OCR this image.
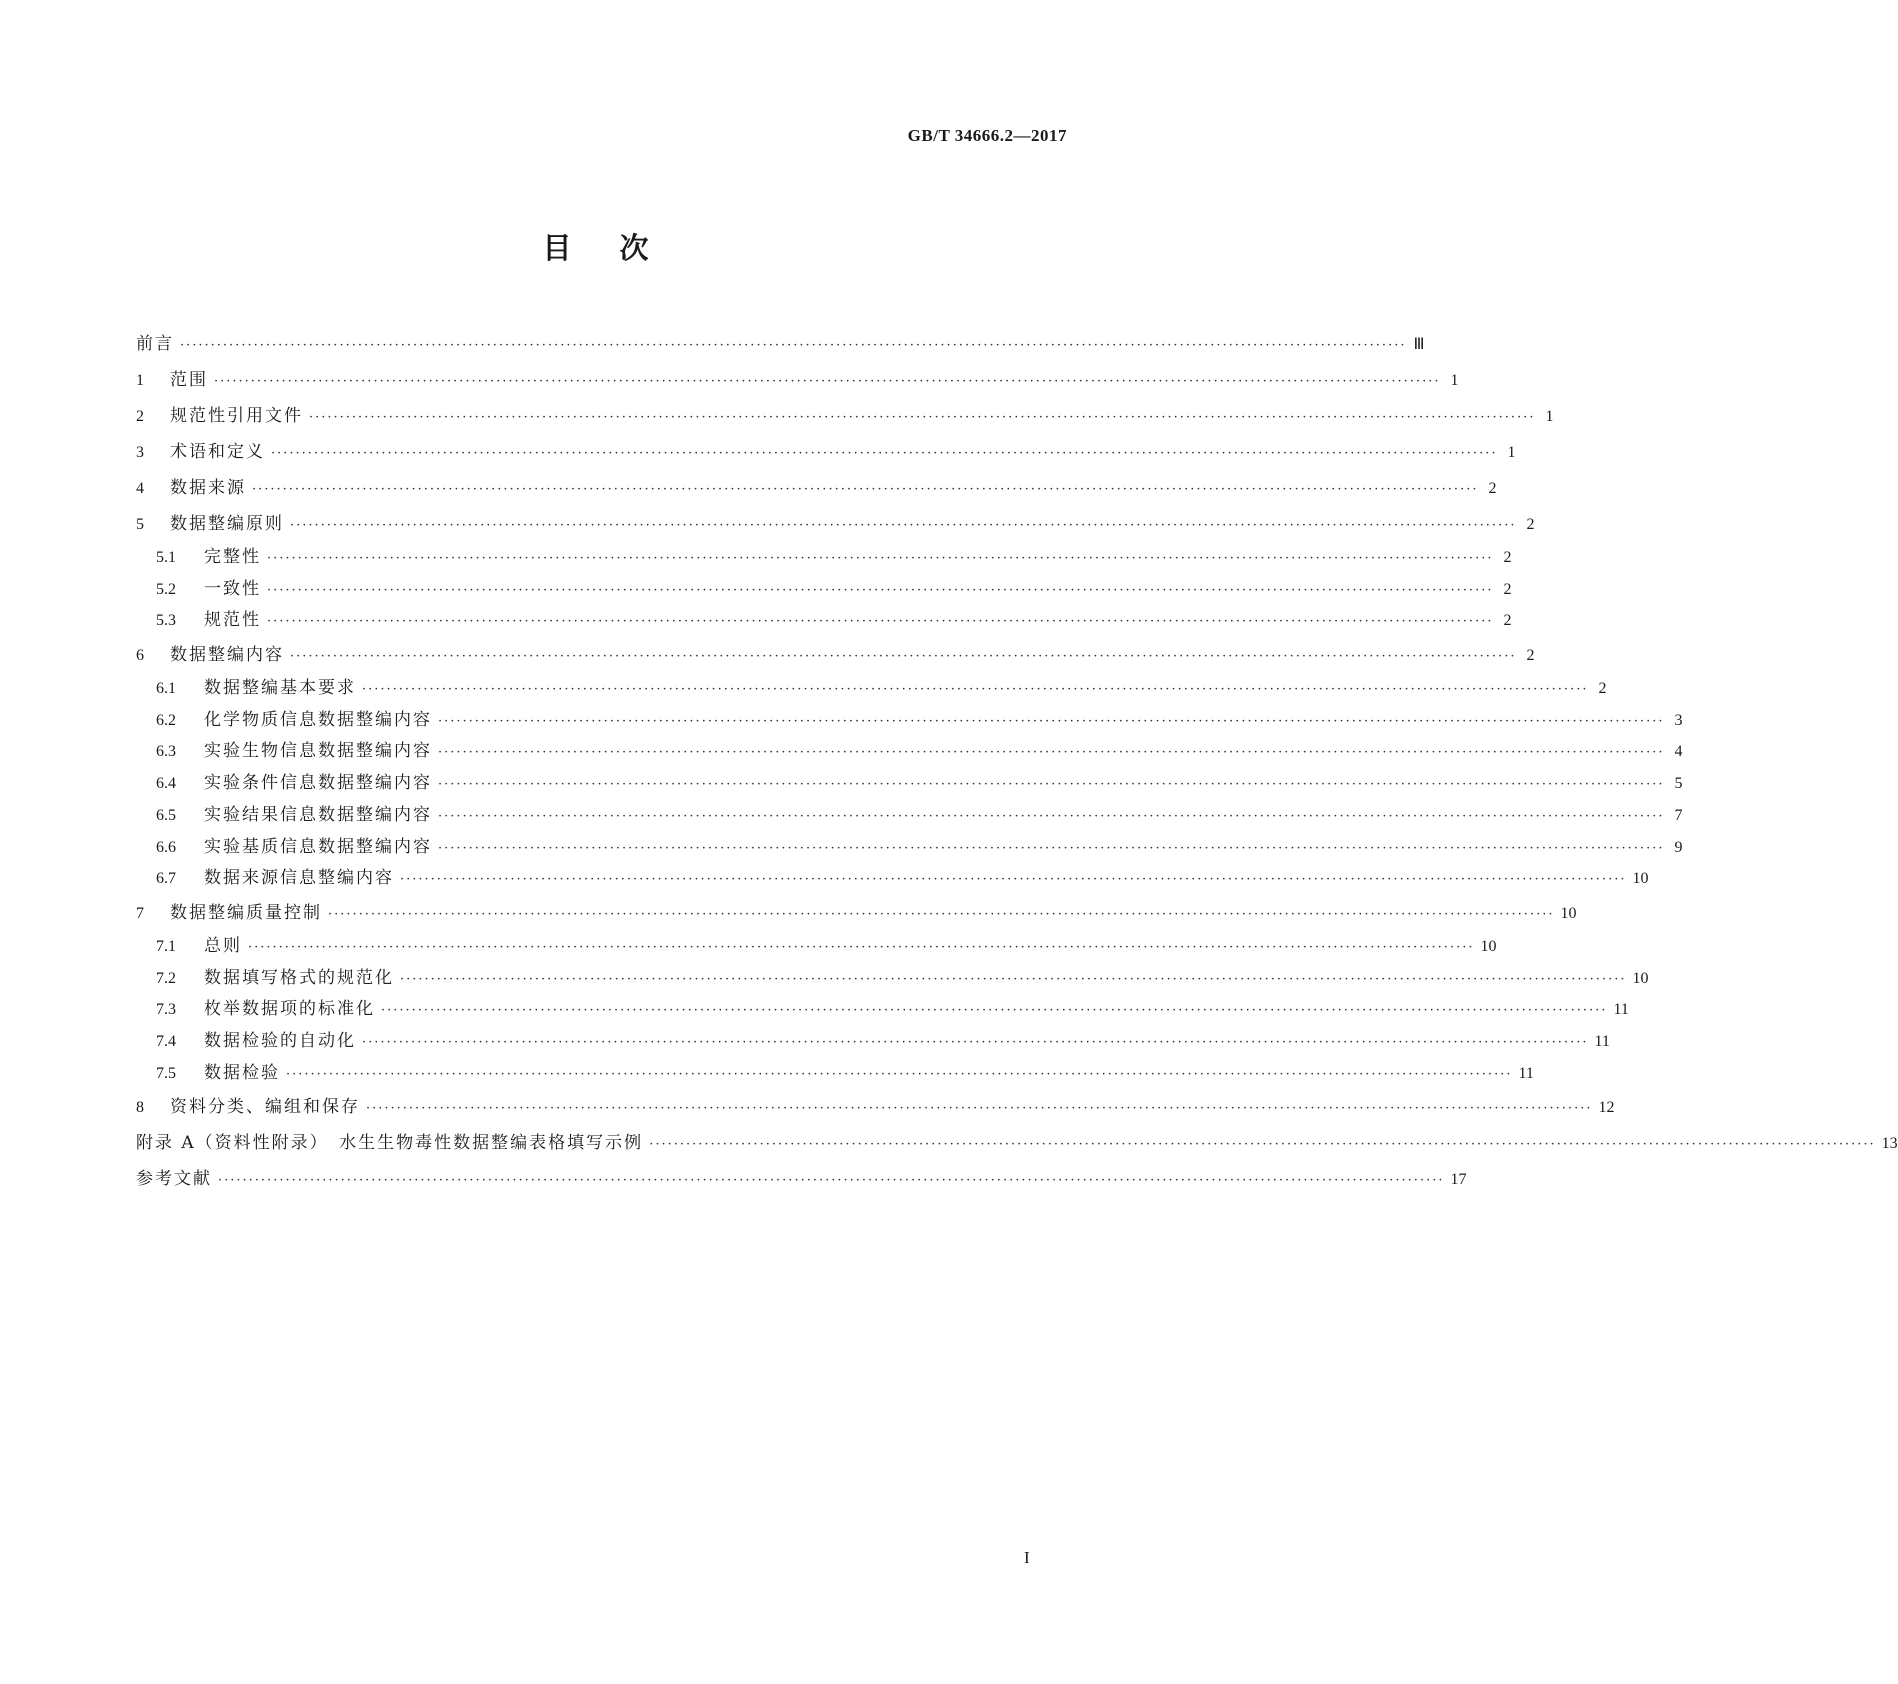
GB/T 34666.2—2017
目次
前言 ········································································································································································································ Ⅲ
1	范围 ········································································································································································································ 1
2	规范性引用文件 ········································································································································································································ 1
3	术语和定义 ········································································································································································································ 1
4	数据来源 ········································································································································································································ 2
5	数据整编原则 ········································································································································································································ 2
5.1	完整性 ········································································································································································································ 2
5.2	一致性 ········································································································································································································ 2
5.3	规范性 ········································································································································································································ 2
6	数据整编内容 ········································································································································································································ 2
6.1	数据整编基本要求 ········································································································································································································ 2
6.2	化学物质信息数据整编内容 ········································································································································································································ 3
6.3	实验生物信息数据整编内容 ········································································································································································································ 4
6.4	实验条件信息数据整编内容 ········································································································································································································ 5
6.5	实验结果信息数据整编内容 ········································································································································································································ 7
6.6	实验基质信息数据整编内容 ········································································································································································································ 9
6.7	数据来源信息整编内容 ········································································································································································································ 10
7	数据整编质量控制 ········································································································································································································ 10
7.1	总则 ········································································································································································································ 10
7.2	数据填写格式的规范化 ········································································································································································································ 10
7.3	枚举数据项的标准化 ········································································································································································································ 11
7.4	数据检验的自动化 ········································································································································································································ 11
7.5	数据检验 ········································································································································································································ 11
8	资料分类、编组和保存 ········································································································································································································ 12
附录 A（资料性附录）　水生生物毒性数据整编表格填写示例 ········································································································································································································ 13
参考文献 ········································································································································································································ 17
I
